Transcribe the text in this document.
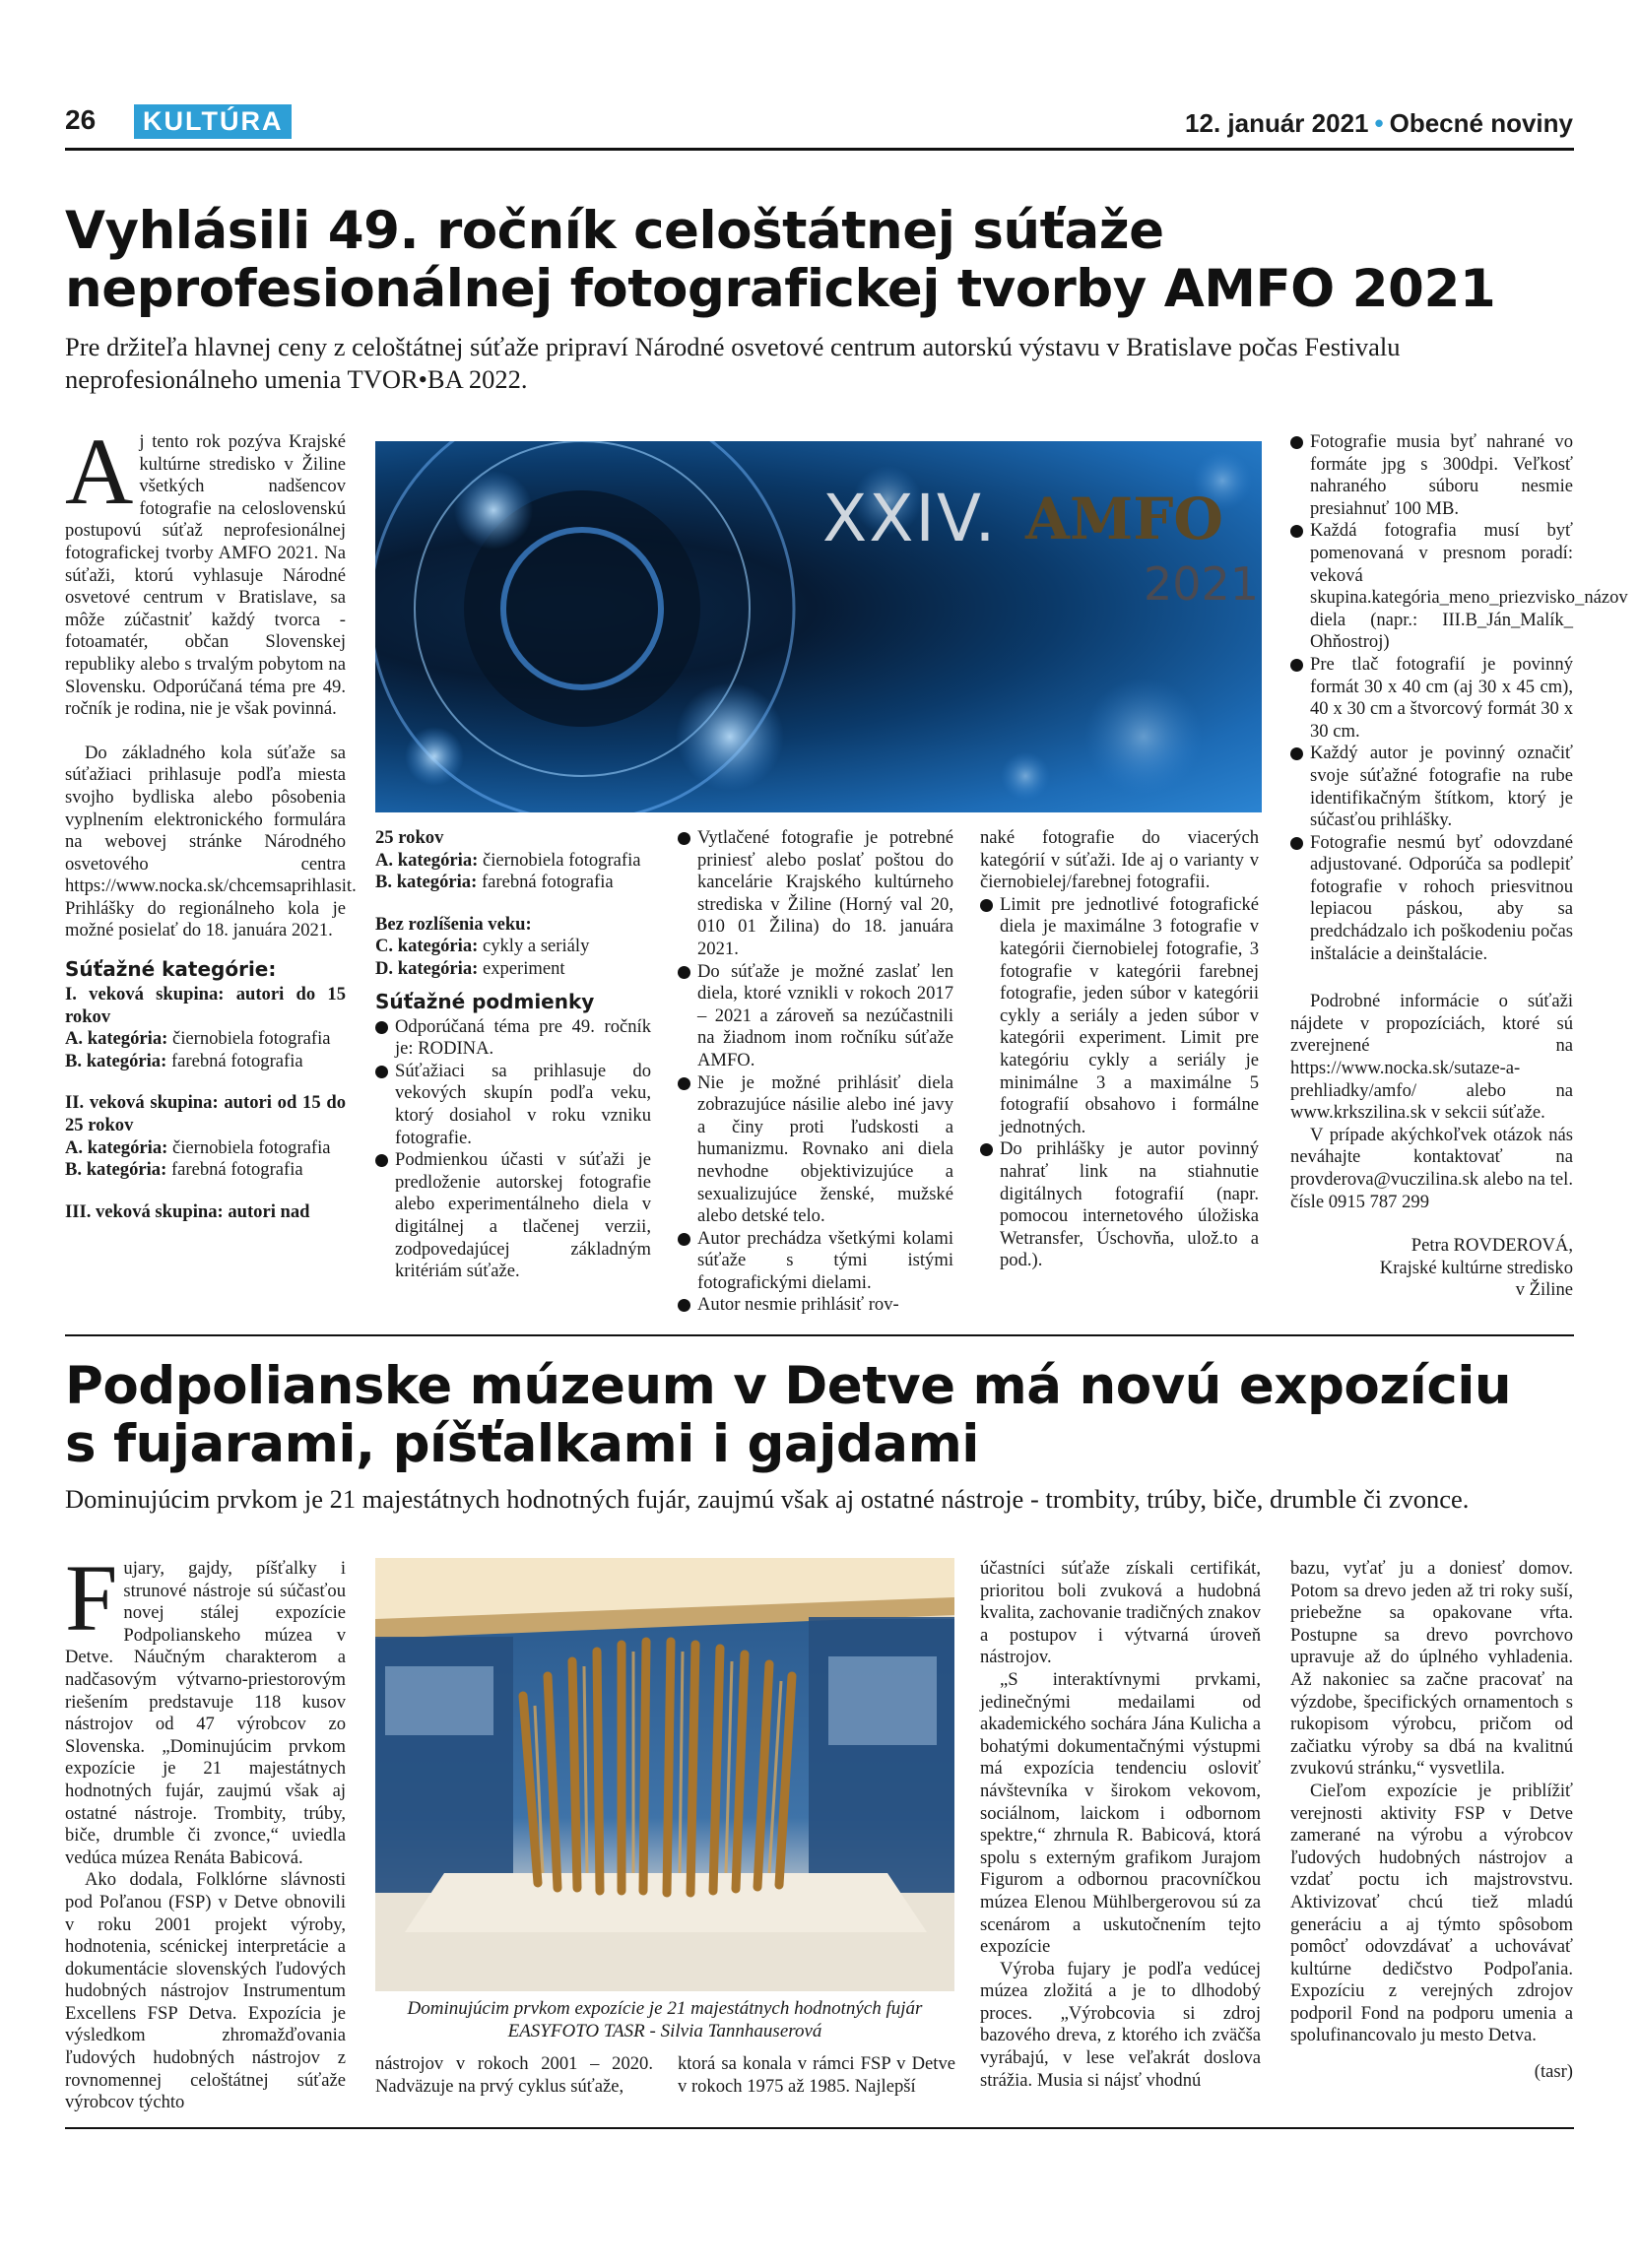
26	KULTÚRA	12. január 2021 • Obecné noviny
Vyhlásili 49. ročník celoštátnej súťaže
neprofesionálnej fotografickej tvorby AMFO 2021
Pre držiteľa hlavnej ceny z celoštátnej súťaže pripraví Národné osvetové centrum autorskú výstavu v Bratislave počas Festivalu neprofesionálneho umenia TVOR•BA 2022.

Aj tento rok pozýva Krajské kultúrne stredisko v Žiline všetkých nadšencov fotografie na celoslovenskú postupovú súťaž neprofesionálnej fotografickej tvorby AMFO 2021. Na súťaži, ktorú vyhlasuje Národné osvetové centrum v Bratislave, sa môže zúčastniť každý tvorca - fotoamatér, občan Slovenskej republiky alebo s trvalým pobytom na Slovensku. Odporúčaná téma pre 49. ročník je rodina, nie je však povinná.

Do základného kola súťaže sa súťažiaci prihlasuje podľa miesta svojho bydliska alebo pôsobenia vyplnením elektronického formulára na webovej stránke Národného osvetového centra https://www.nocka.sk/chcemsaprihlasit. Prihlášky do regionálneho kola je možné posielať do 18. januára 2021.

Súťažné kategórie:

I. veková skupina: autori do 15 rokov

A. kategória: čiernobiela fotografia

B. kategória: farebná fotografia

II. veková skupina: autori od 15 do 25 rokov

A. kategória: čiernobiela fotografia

B. kategória: farebná fotografia

III. veková skupina: autori nad

XXIV. AMFO
2021

25 rokov

A. kategória: čiernobiela fotografia

B. kategória: farebná fotografia

Bez rozlíšenia veku:

C. kategória: cykly a seriály

D. kategória: experiment

Súťažné podmienky

Odporúčaná téma pre 49. ročník je: RODINA.

Súťažiaci sa prihlasuje do vekových skupín podľa veku, ktorý dosiahol v roku vzniku fotografie.

Podmienkou účasti v súťaži je predloženie autorskej fotografie alebo experimentálneho diela v digitálnej a tlačenej verzii, zodpovedajúcej základným kritériám súťaže.

Vytlačené fotografie je potrebné priniesť alebo poslať poštou do kancelárie Krajského kultúrneho strediska v Žiline (Horný val 20, 010 01 Žilina) do 18. januára 2021.

Do súťaže je možné zaslať len diela, ktoré vznikli v rokoch 2017 – 2021 a zároveň sa nezúčastnili na žiadnom inom ročníku súťaže AMFO.

Nie je možné prihlásiť diela zobrazujúce násilie alebo iné javy a činy proti ľudskosti a humanizmu. Rovnako ani diela nevhodne objektivizujúce a sexualizujúce ženské, mužské alebo detské telo.

Autor prechádza všetkými kolami súťaže s tými istými fotografickými dielami.

Autor nesmie prihlásiť rov-

naké fotografie do viacerých kategórií v súťaži. Ide aj o varianty v čiernobielej/farebnej fotografii.

Limit pre jednotlivé fotografické diela je maximálne 3 fotografie v kategórii čiernobielej fotografie, 3 fotografie v kategórii farebnej fotografie, jeden súbor v kategórii cykly a seriály a jeden súbor v kategórii experiment. Limit pre kategóriu cykly a seriály je minimálne 3 a maximálne 5 fotografií obsahovo i formálne jednotných.

Do prihlášky je autor povinný nahrať link na stiahnutie digitálnych fotografií (napr. pomocou internetového úložiska Wetransfer, Úschovňa, ulož.to a pod.).

Fotografie musia byť nahrané vo formáte jpg s 300dpi. Veľkosť nahraného súboru nesmie presiahnuť 100 MB.

Každá fotografia musí byť pomenovaná v presnom poradí: veková skupina.kategória_meno_priezvisko_názov diela (napr.: III.B_Ján_Malík_ Ohňostroj)

Pre tlač fotografií je povinný formát 30 x 40 cm (aj 30 x 45 cm), 40 x 30 cm a štvorcový formát 30 x 30 cm.

Každý autor je povinný označiť svoje súťažné fotografie na rube identifikačným štítkom, ktorý je súčasťou prihlášky.

Fotografie nesmú byť odovzdané adjustované. Odporúča sa podlepiť fotografie v rohoch priesvitnou lepiacou páskou, aby sa predchádzalo ich poškodeniu počas inštalácie a deinštalácie.

Podrobné informácie o súťaži nájdete v propozíciách, ktoré sú zverejnené na https://www.nocka.sk/sutaze-a-prehliadky/amfo/ alebo na www.krkszilina.sk v sekcii súťaže.

V prípade akýchkoľvek otázok nás neváhajte kontaktovať na provderova@vuczilina.sk alebo na tel. čísle 0915 787 299

Petra ROVDEROVÁ,

Krajské kultúrne stredisko

v Žiline

Podpolianske múzeum v Detve má novú expozíciu
s fujarami, píšťalkami i gajdami
Dominujúcim prvkom je 21 majestátnych hodnotných fujár, zaujmú však aj ostatné nástroje - trombity, trúby, biče, drumble či zvonce.

Fujary, gajdy, píšťalky i strunové nástroje sú súčasťou novej stálej expozície Podpolianskeho múzea v Detve. Náučným charakterom a nadčasovým výtvarno-priestorovým riešením predstavuje 118 kusov nástrojov od 47 výrobcov zo Slovenska. „Dominujúcim prvkom expozície je 21 majestátnych hodnotných fujár, zaujmú však aj ostatné nástroje. Trombity, trúby, biče, drumble či zvonce,“ uviedla vedúca múzea Renáta Babicová.

Ako dodala, Folklórne slávnosti pod Poľanou (FSP) v Detve obnovili v roku 2001 projekt výroby, hodnotenia, scénickej interpretácie a dokumentácie slovenských ľudových hudobných nástrojov Instrumentum Excellens FSP Detva. Expozícia je výsledkom zhromažďovania ľudových hudobných nástrojov z rovnomennej celoštátnej súťaže výrobcov týchto

Dominujúcim prvkom expozície je 21 majestátnych hodnotných fujár
EASYFOTO TASR - Silvia Tannhauserová

nástrojov v rokoch 2001 – 2020. Nadväzuje na prvý cyklus súťaže,

ktorá sa konala v rámci FSP v Detve v rokoch 1975 až 1985. Najlepší

účastníci súťaže získali certifikát, prioritou boli zvuková a hudobná kvalita, zachovanie tradičných znakov a postupov i výtvarná úroveň nástrojov.

„S interaktívnymi prvkami, jedinečnými medailami od akademického sochára Jána Kulicha a bohatými dokumentačnými výstupmi má expozícia tendenciu osloviť návštevníka v širokom vekovom, sociálnom, laickom i odbornom spektre,“ zhrnula R. Babicová, ktorá spolu s externým grafikom Jurajom Figurom a odbornou pracovníčkou múzea Elenou Mühlbergerovou sú za scenárom a uskutočnením tejto expozície

Výroba fujary je podľa vedúcej múzea zložitá a je to dlhodobý proces. „Výrobcovia si zdroj bazového dreva, z ktorého ich zväčša vyrábajú, v lese veľakrát doslova strážia. Musia si nájsť vhodnú

bazu, vyťať ju a doniesť domov. Potom sa drevo jeden až tri roky suší, priebežne sa opakovane vŕta. Postupne sa drevo povrchovo upravuje až do úplného vyhladenia. Až nakoniec sa začne pracovať na výzdobe, špecifických ornamentoch s rukopisom výrobcu, pričom od začiatku výroby sa dbá na kvalitnú zvukovú stránku,“ vysvetlila.

Cieľom expozície je priblížiť verejnosti aktivity FSP v Detve zamerané na výrobu a výrobcov ľudových hudobných nástrojov a vzdať poctu ich majstrovstvu. Aktivizovať chcú tiež mladú generáciu a aj týmto spôsobom pomôcť odovzdávať a uchovávať kultúrne dedičstvo Podpoľania. Expozíciu z verejných zdrojov podporil Fond na podporu umenia a spolufinancovalo ju mesto Detva.

(tasr)
